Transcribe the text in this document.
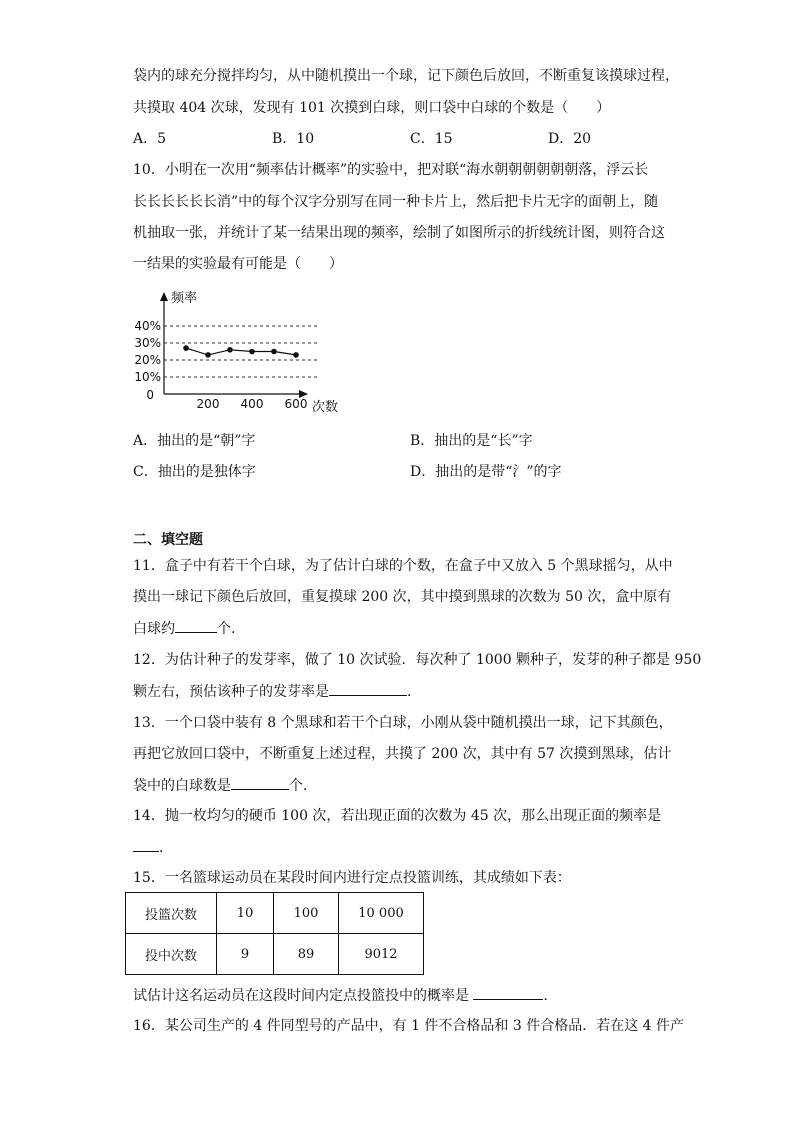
袋内的球充分搅拌均匀，从中随机摸出一个球，记下颜色后放回，不断重复该摸球过程，
共摸取 404 次球，发现有 101 次摸到白球，则口袋中白球的个数是（　　）
A．5	B．10	C．15	D．20
10．小明在一次用“频率估计概率”的实验中，把对联“海水朝朝朝朝朝朝落，浮云长
长长长长长长消”中的每个汉字分别写在同一种卡片上，然后把卡片无字的面朝上，随
机抽取一张，并统计了某一结果出现的频率，绘制了如图所示的折线统计图，则符合这
一结果的实验最有可能是（　　）
40%
30%
20%
10%
200 400 600
0
频率
次数
A．抽出的是“朝”字	B．抽出的是“长”字
C．抽出的是独体字	D．抽出的是带“氵”的字
二、填空题
11．盒子中有若干个白球，为了估计白球的个数，在盒子中又放入 5 个黑球摇匀，从中
摸出一球记下颜色后放回，重复摸球 200 次，其中摸到黑球的次数为 50 次，盒中原有
白球约	个.
12．为估计种子的发芽率，做了 10 次试验．每次种了 1000 颗种子，发芽的种子都是 950
颗左右，预估该种子的发芽率是	．
13．一个口袋中装有 8 个黑球和若干个白球，小刚从袋中随机摸出一球，记下其颜色，
再把它放回口袋中，不断重复上述过程，共摸了 200 次，其中有 57 次摸到黑球，估计
袋中的白球数是	个．
14．抛一枚均匀的硬币 100 次，若出现正面的次数为 45 次，那么出现正面的频率是
．
15．一名篮球运动员在某段时间内进行定点投篮训练，其成绩如下表：
投篮次数	10	100	10 000
投中次数	9	89	9012
试估计这名运动员在这段时间内定点投篮投中的概率是	．
16．某公司生产的 4 件同型号的产品中，有 1 件不合格品和 3 件合格品．若在这 4 件产
